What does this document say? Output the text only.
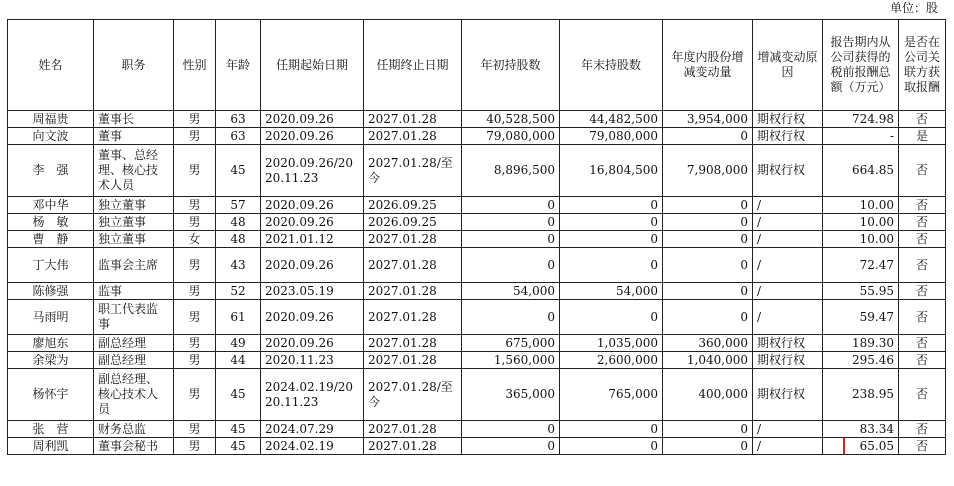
单位：股
姓名	职务	性别	年龄	任期起始日期	任期终止日期	年初持股数	年末持股数	年度内股份增减变动量	增减变动原因	报告期内从公司获得的税前报酬总额（万元）	是否在公司关联方获取报酬
周福贵	董事长	男	63	2020.09.26	2027.01.28	40,528,500	44,482,500	3,954,000	期权行权	724.98	否
向文波	董事	男	63	2020.09.26	2027.01.28	79,080,000	79,080,000	0	期权行权	-	是
李　强	董事、总经理、核心技术人员	男	45	2020.09.26/2020.11.23	2027.01.28/至今	8,896,500	16,804,500	7,908,000	期权行权	664.85	否
邓中华	独立董事	男	57	2020.09.26	2026.09.25	0	0	0	/	10.00	否
杨　敏	独立董事	男	48	2020.09.26	2026.09.25	0	0	0	/	10.00	否
曹　静	独立董事	女	48	2021.01.12	2027.01.28	0	0	0	/	10.00	否
丁大伟	监事会主席	男	43	2020.09.26	2027.01.28	0	0	0	/	72.47	否
陈修强	监事	男	52	2023.05.19	2027.01.28	54,000	54,000	0	/	55.95	否
马雨明	职工代表监事	男	61	2020.09.26	2027.01.28	0	0	0	/	59.47	否
廖旭东	副总经理	男	49	2020.09.26	2027.01.28	675,000	1,035,000	360,000	期权行权	189.30	否
余梁为	副总经理	男	44	2020.11.23	2027.01.28	1,560,000	2,600,000	1,040,000	期权行权	295.46	否
杨怀宇	副总经理、核心技术人员	男	45	2024.02.19/2020.11.23	2027.01.28/至今	365,000	765,000	400,000	期权行权	238.95	否
张　营	财务总监	男	45	2024.07.29	2027.01.28	0	0	0	/	83.34	否
周利凯	董事会秘书	男	45	2024.02.19	2027.01.28	0	0	0	/	65.05	否
